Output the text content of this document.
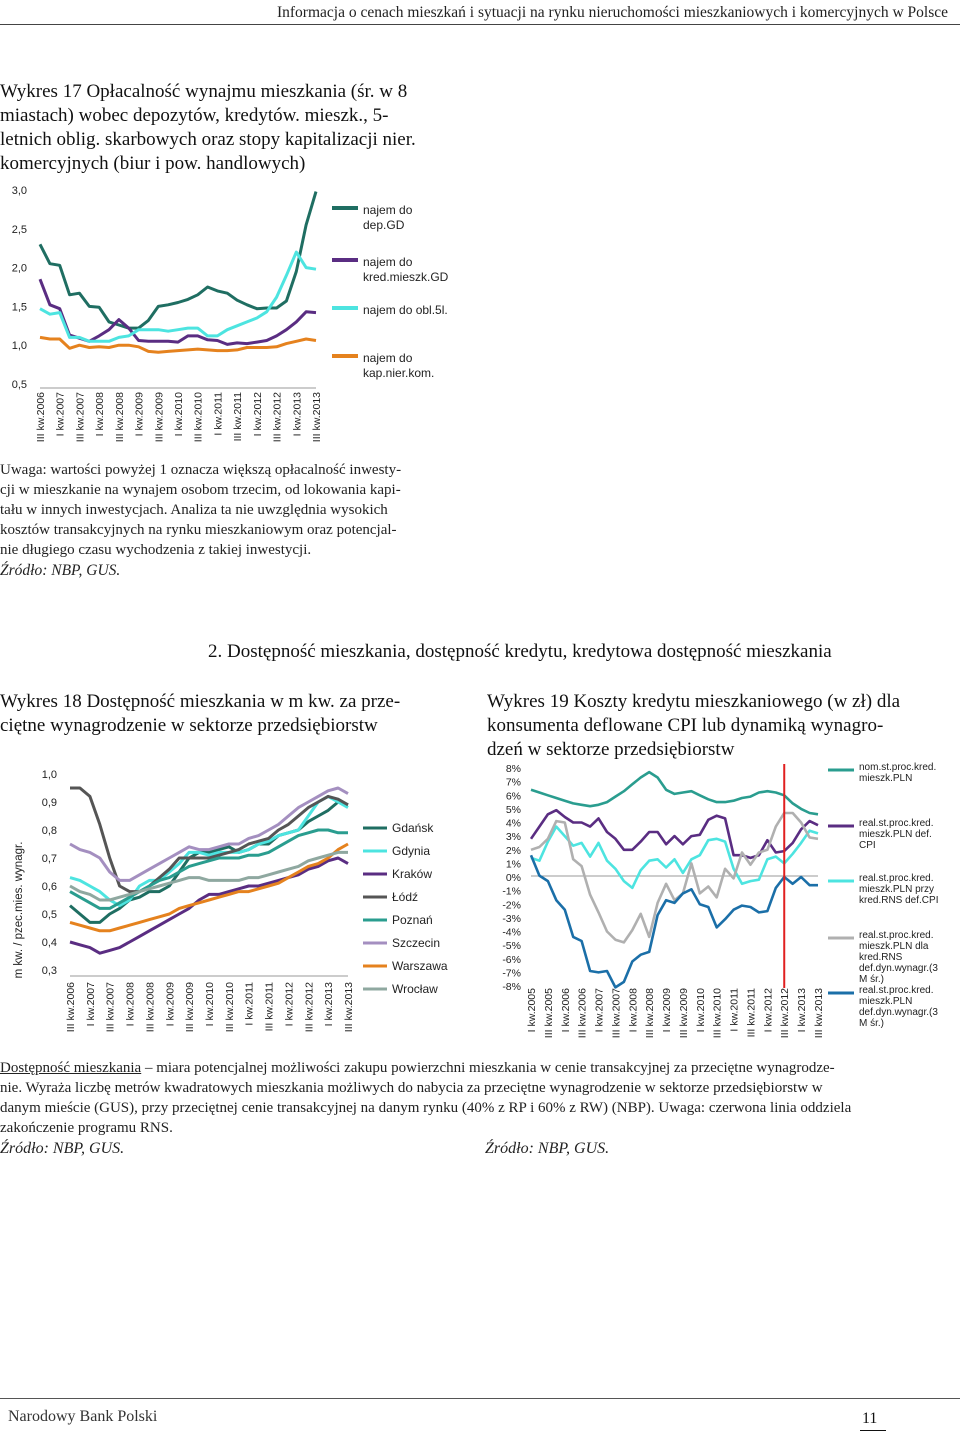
Informacja o cenach mieszkań i sytuacji na rynku nieruchomości mieszkaniowych i komercyjnych w Polsce
Wykres 17 Opłacalność wynajmu mieszkania (śr. w 8
miastach) wobec depozytów, kredytów. mieszk., 5-
letnich oblig. skarbowych oraz stopy kapitalizacji nier.
komercyjnych (biur i pow. handlowych)
3,0
2,5
2,0
1,5
1,0
0,5
III kw.2006 I kw.2007 III kw.2007 I kw.2008 III kw.2008 I kw.2009 III kw.2009 I kw.2010 III kw.2010 I kw.2011 III kw.2011 I kw.2012 III kw.2012 I kw.2013 III kw.2013
najem do
dep.GD
najem do
kred.mieszk.GD
najem do obl.5l.
najem do
kap.nier.kom.
Uwaga: wartości powyżej 1 oznacza większą opłacalność inwesty-
cji w mieszkanie na wynajem osobom trzecim, od lokowania kapi-
tału w innych inwestycjach. Analiza ta nie uwzględnia wysokich
kosztów transakcyjnych na rynku mieszkaniowym oraz potencjal-
nie długiego czasu wychodzenia z takiej inwestycji.
Źródło: NBP, GUS.
2. Dostępność mieszkania, dostępność kredytu, kredytowa dostępność mieszkania
Wykres 18 Dostępność mieszkania w m kw. za prze-
ciętne wynagrodzenie w sektorze przedsiębiorstw
1,0
0,9
0,8
0,7
0,6
0,5
0,4
0,3
III kw.2006 I kw.2007 III kw.2007 I kw.2008 III kw.2008 I kw.2009 III kw.2009 I kw.2010 III kw.2010 I kw.2011 III kw.2011 I kw.2012 III kw.2012 I kw.2013 III kw.2013
m kw. / pzec.mies. wynagr.
Gdańsk
Gdynia
Kraków
Łódź
Poznań
Szczecin
Warszawa
Wrocław
Wykres 19 Koszty kredytu mieszkaniowego (w zł) dla
konsumenta deflowane CPI lub dynamiką wynagro-
dzeń w sektorze przedsiębiorstw
8%
7%
6%
5%
4%
3%
2%
1%
0%
-1%
-2%
-3%
-4%
-5%
-6%
-7%
-8%
I kw.2005 III kw.2005 I kw.2006 III kw.2006 I kw.2007 III kw.2007 I kw.2008 III kw.2008 I kw.2009 III kw.2009 I kw.2010 III kw.2010 I kw.2011 III kw.2011 I kw.2012 III kw.2012 I kw.2013 III kw.2013
nom.st.proc.kred.
mieszk.PLN
real.st.proc.kred.
mieszk.PLN def.
CPI
real.st.proc.kred.
mieszk.PLN przy
kred.RNS def.CPI
real.st.proc.kred.
mieszk.PLN dla
kred.RNS
def.dyn.wynagr.(3
M śr.)
real.st.proc.kred.
mieszk.PLN
def.dyn.wynagr.(3
M śr.)
Dostępność mieszkania – miara potencjalnej możliwości zakupu powierzchni mieszkania w cenie transakcyjnej za przeciętne wynagrodze-
nie. Wyraża liczbę metrów kwadratowych mieszkania możliwych do nabycia za przeciętne wynagrodzenie w sektorze przedsiębiorstw w
danym mieście (GUS), przy przeciętnej cenie transakcyjnej na danym rynku (40% z RP i 60% z RW) (NBP). Uwaga: czerwona linia oddziela
zakończenie programu RNS.
Źródło: NBP, GUS.	Źródło: NBP, GUS.
Narodowy Bank Polski	11
